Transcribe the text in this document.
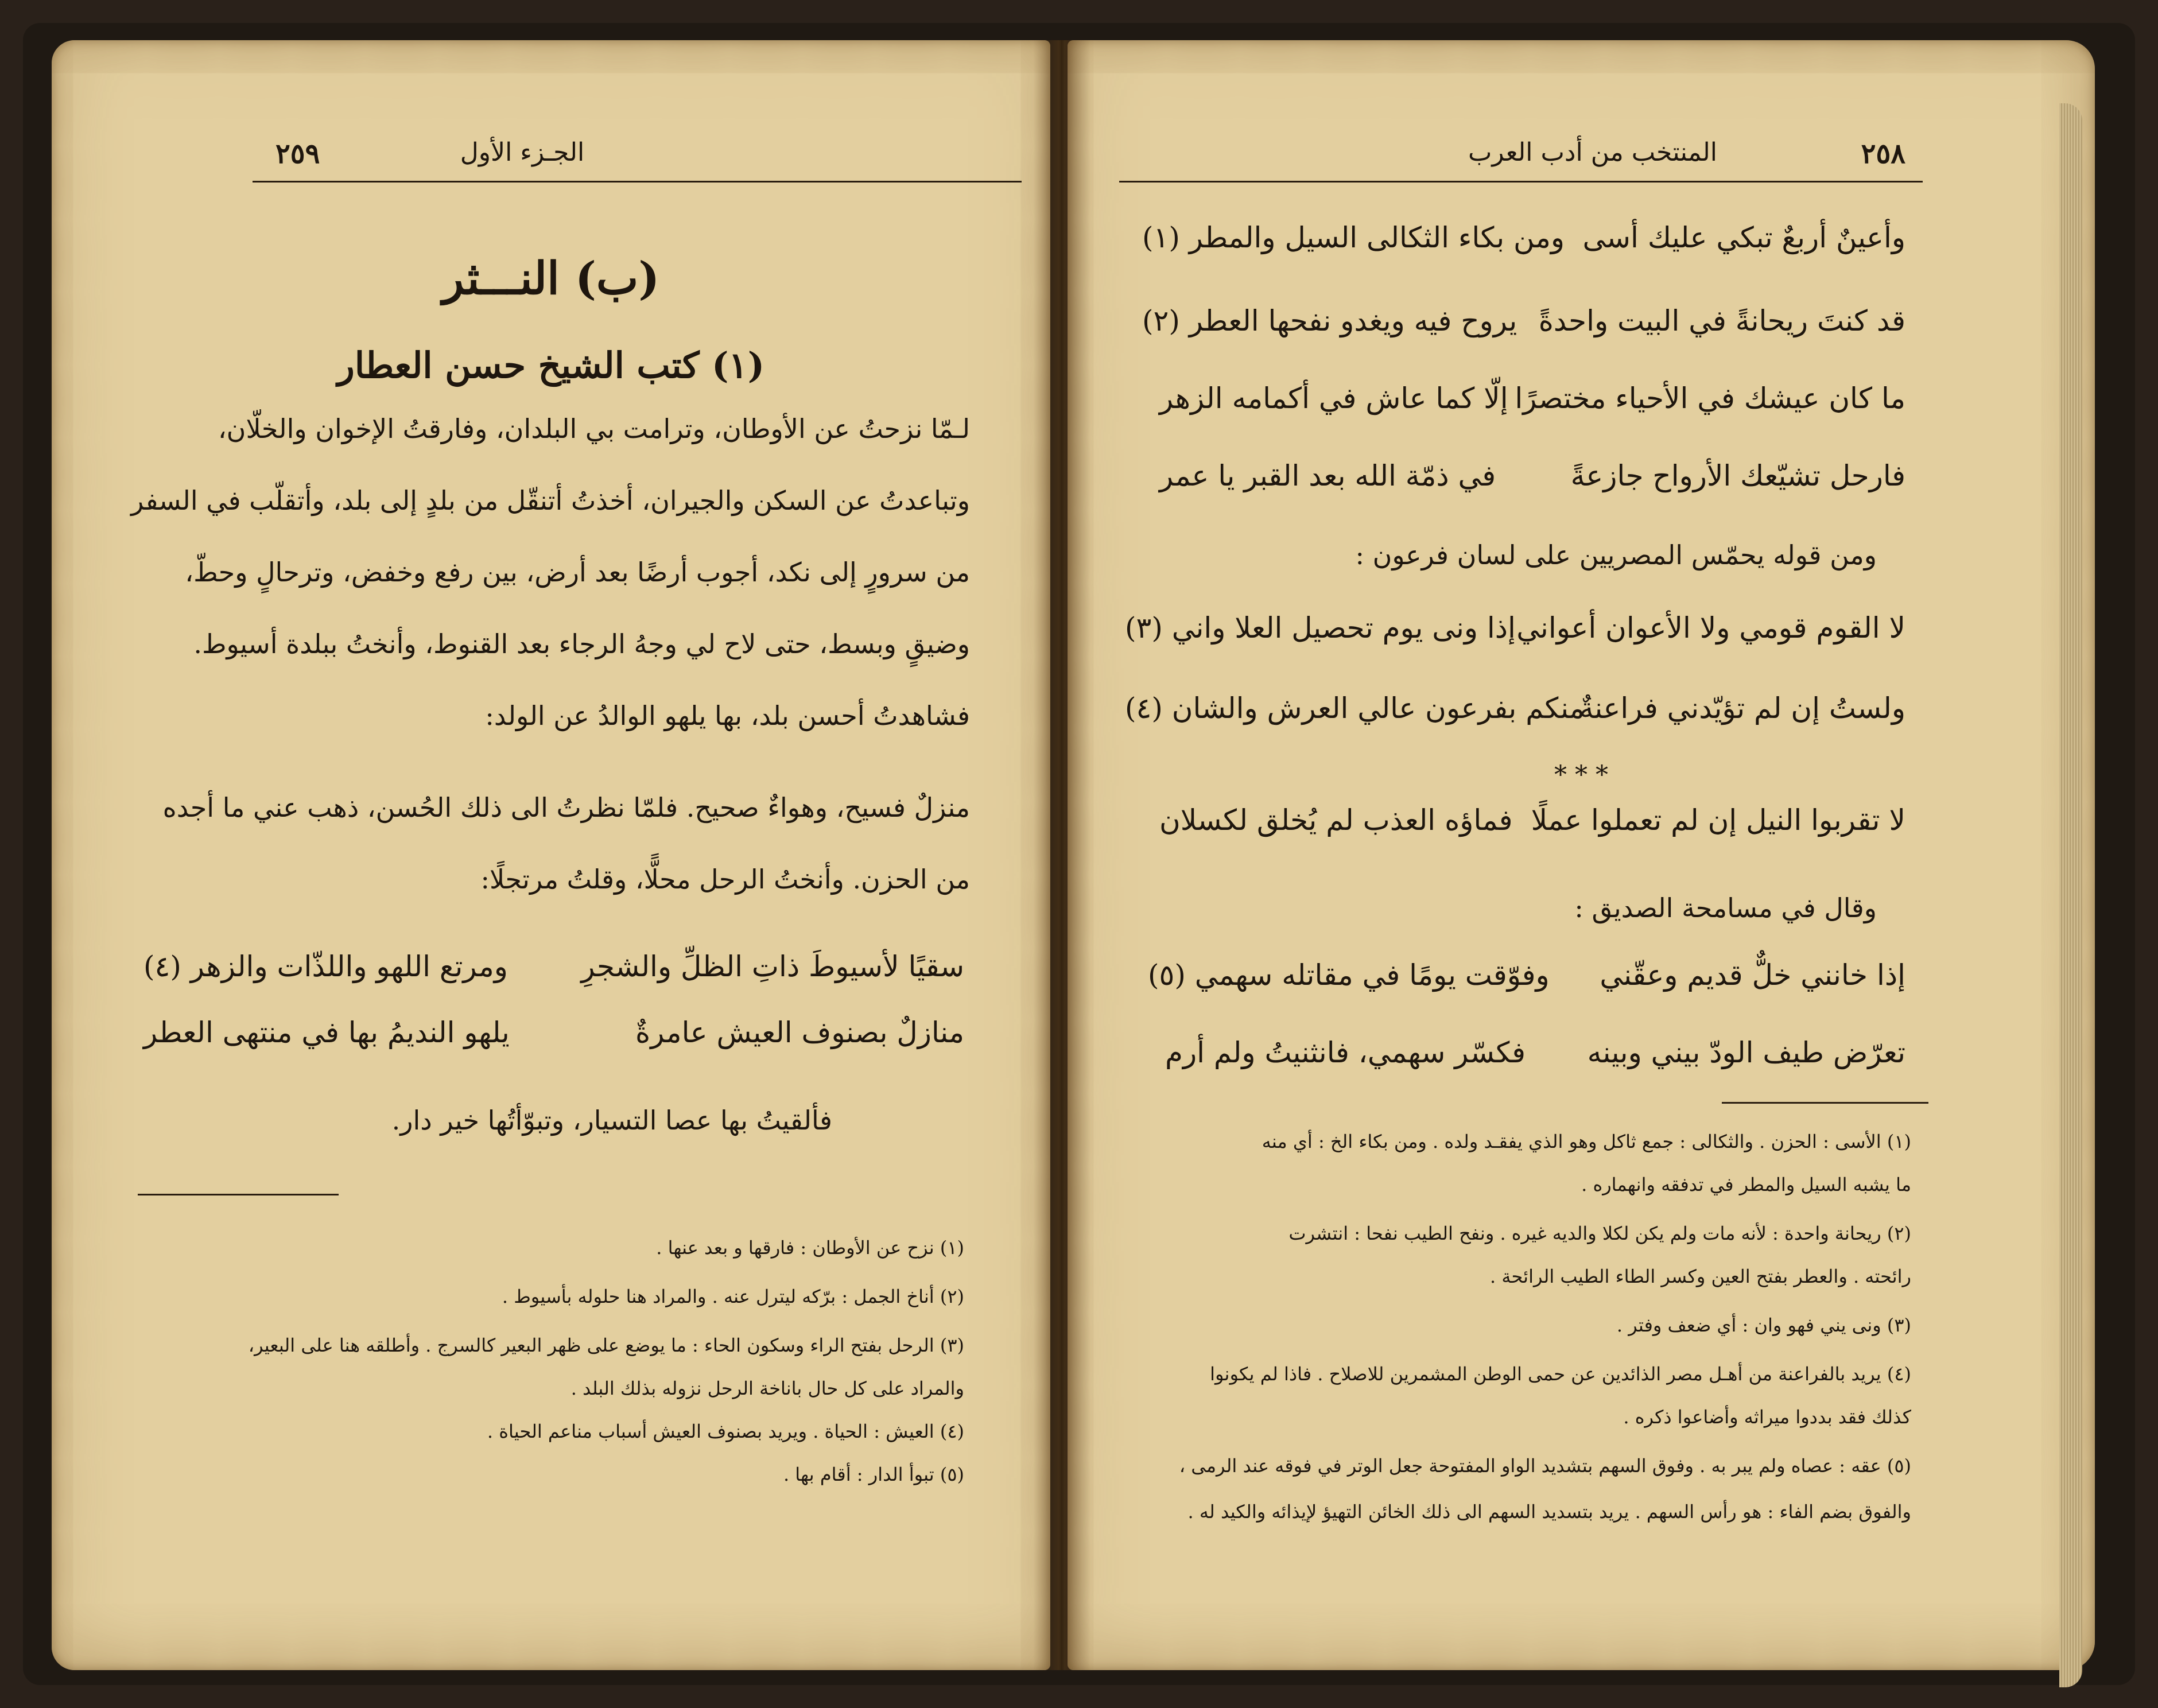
٢٥٩	الجـزء الأول
(ب) النـــثر
(١) كتب الشيخ حسن العطار
لـمّا نزحتُ عن الأوطان، وترامت بي البلدان، وفارقتُ الإخوان والخلّان،
وتباعدتُ عن السكن والجيران، أخذتُ أتنقّل من بلدٍ إلى بلد، وأتقلّب في السفر
من سرورٍ إلى نكد، أجوب أرضًا بعد أرض، بين رفع وخفض، وترحالٍ وحطّ،
وضيقٍ وبسط، حتى لاح لي وجهُ الرجاء بعد القنوط، وأنختُ ببلدة أسيوط.
فشاهدتُ أحسن بلد، بها يلهو الوالدُ عن الولد:
منزلٌ فسيح، وهواءٌ صحيح. فلمّا نظرتُ الى ذلك الحُسن، ذهب عني ما أجده
من الحزن. وأنختُ الرحل محلًّا، وقلتُ مرتجلًا:
سقيًا لأسيوطَ ذاتِ الظلِّ والشجرِ
ومرتع اللهو واللذّات والزهر (٤)
منازلٌ بصنوف العيش عامرةٌ
يلهو النديمُ بها في منتهى العطر
فألقيتُ بها عصا التسيار، وتبوّأتُها خير دار.
(١) نزح عن الأوطان : فارقها و بعد عنها .
(٢) أناخ الجمل : برّكه ليترل عنه . والمراد هنا حلوله بأسيوط .
(٣) الرحل بفتح الراء وسكون الحاء : ما يوضع على ظهر البعير كالسرج . وأطلقه هنا على البعير،
والمراد على كل حال باناخة الرحل نزوله بذلك البلد .
(٤) العيش : الحياة . ويريد بصنوف العيش أسباب مناعم الحياة .
(٥) تبوأ الدار : أقام بها .
٢٥٨
المنتخب من أدب العرب
وأعينٌ أربعٌ تبكي عليك أسى
ومن بكاء الثكالى السيل والمطر (١)
قد كنتَ ريحانةً في البيت واحدةً
يروح فيه ويغدو نفحها العطر (٢)
ما كان عيشك في الأحياء مختصرًا
إلّا كما عاش في أكمامه الزهر
فارحل تشيّعك الأرواح جازعةً
في ذمّة الله بعد القبر يا عمر
ومن قوله يحمّس المصريين على لسان فرعون :
لا القوم قومي ولا الأعوان أعواني
إذا ونى يوم تحصيل العلا واني (٣)
ولستُ إن لم تؤيّدني فراعنةٌ
منكم بفرعون عالي العرش والشان (٤)
* * *
لا تقربوا النيل إن لم تعملوا عملًا
فماؤه العذب لم يُخلق لكسلان
وقال في مسامحة الصديق :
إذا خانني خلٌّ قديم وعقّني
وفوّقت يومًا في مقاتله سهمي (٥)
تعرّض طيف الودّ بيني وبينه
فكسّر سهمي، فانثنيتُ ولم أرم
(١) الأسى : الحزن . والثكالى : جمع ثاكل وهو الذي يفقـد ولده . ومن بكاء الخ : أي منه
ما يشبه السيل والمطر في تدفقه وانهماره .
(٢) ريحانة واحدة : لأنه مات ولم يكن لكلا والديه غيره . ونفح الطيب نفحا : انتشرت
رائحته . والعطر بفتح العين وكسر الطاء الطيب الرائحة .
(٣) ونى يني فهو وان : أي ضعف وفتر .
(٤) يريد بالفراعنة من أهـل مصر الذائدين عن حمى الوطن المشمرين للاصلاح . فاذا لم يكونوا
كذلك فقد بددوا ميراثه وأضاعوا ذكره .
(٥) عقه : عصاه ولم يبر به . وفوق السهم بتشديد الواو المفتوحة جعل الوتر في فوقه عند الرمى ،
والفوق بضم الفاء : هو رأس السهم . يريد بتسديد السهم الى ذلك الخائن التهيؤ لإيذائه والكيد له .
